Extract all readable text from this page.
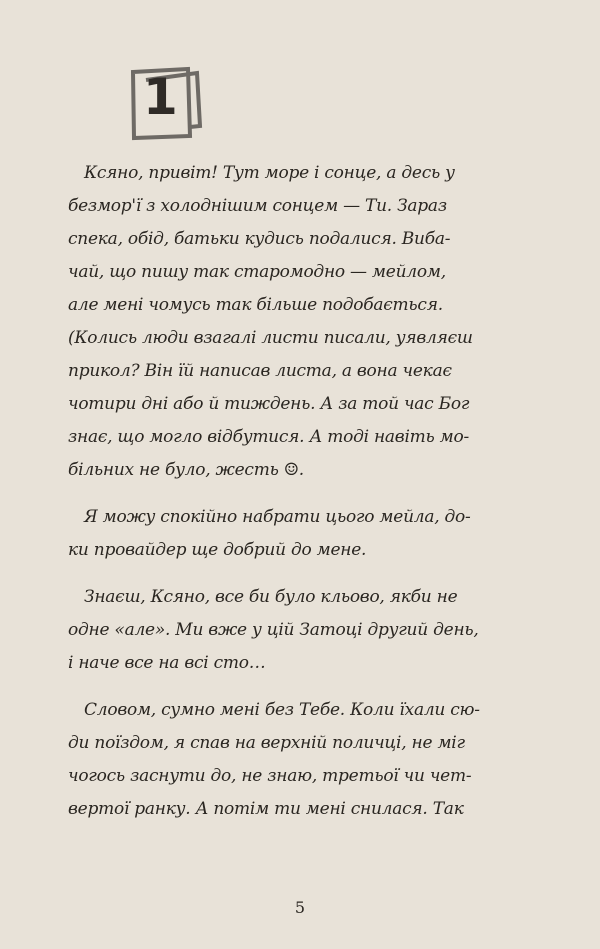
1

Ксяно, привіт! Тут море і сонце, а десь у
безмор'ї з холоднішим сонцем — Ти. Зараз
спека, обід, батьки кудись подалися. Виба-
чай, що пишу так старомодно — мейлом,
але мені чомусь так більше подобається.
(Колись люди взагалі листи писали, уявляєш
прикол? Він їй написав листа, а вона чекає
чотири дні або й тиждень. А за той час Бог
знає, що могло відбутися. А тоді навіть мо-
більних не було, жесть ☺.

Я можу спокійно набрати цього мейла, до-
ки провайдер ще добрий до мене.

Знаєш, Ксяно, все би було кльово, якби не
одне «але». Ми вже у цій Затоці другий день,
і наче все на всі сто…

Словом, сумно мені без Тебе. Коли їхали сю-
ди поїздом, я спав на верхній поличці, не міг
чогось заснути до, не знаю, третьої чи чет-
вертої ранку. А потім ти мені снилася. Так

5
